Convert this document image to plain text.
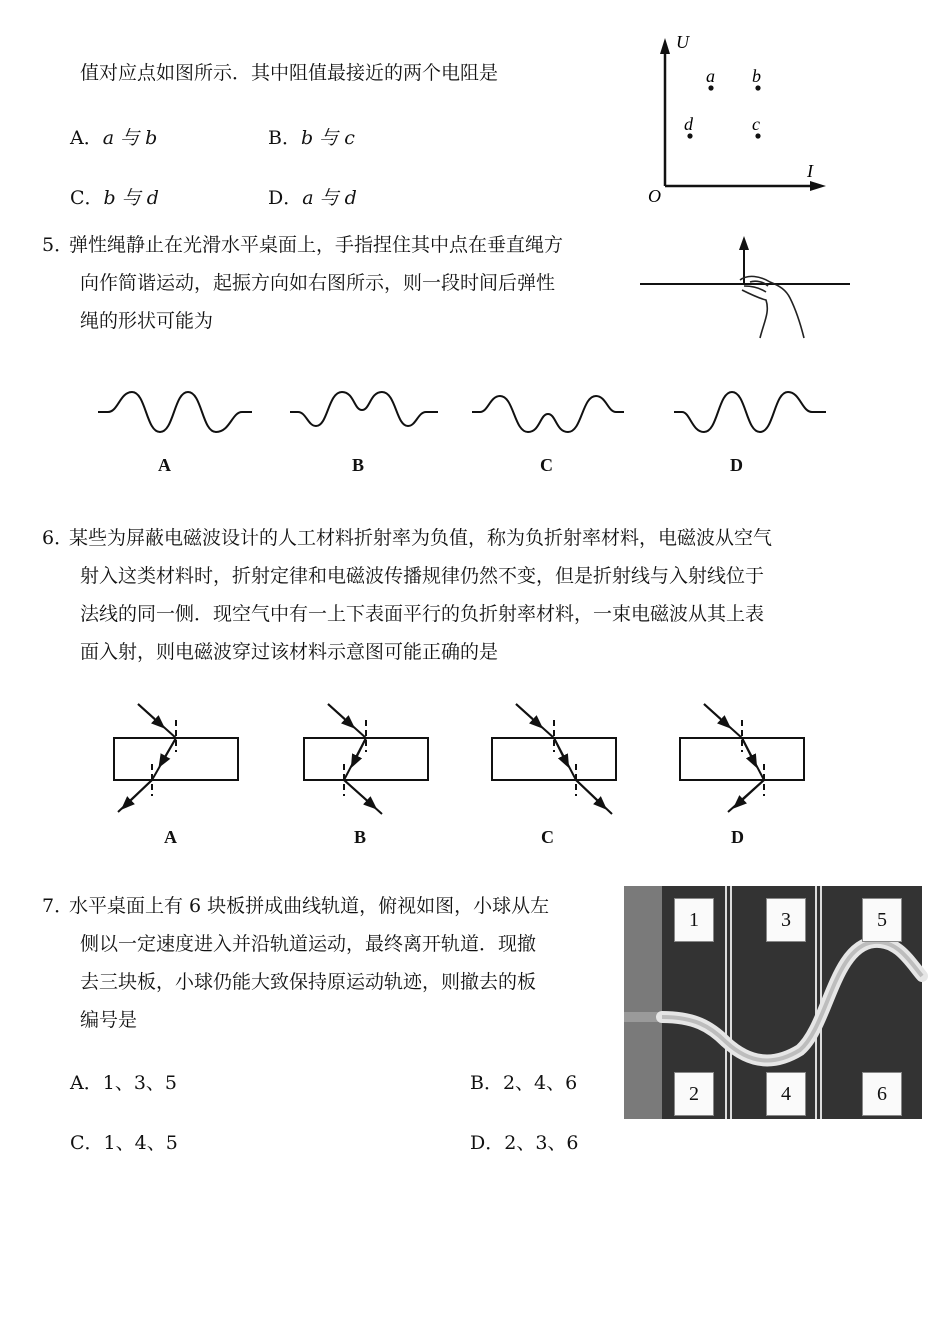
值对应点如图所示．其中阻值最接近的两个电阻是
A．a 与 b	B．b 与 c
C．b 与 d	D．a 与 d
U
O
I
a b
c
d
5．
弹性绳静止在光滑水平桌面上，手指捏住其中点在垂直绳方
向作简谐运动，起振方向如右图所示，则一段时间后弹性
绳的形状可能为
A	B	C	D
6．
某些为屏蔽电磁波设计的人工材料折射率为负值，称为负折射率材料，电磁波从空气
射入这类材料时，折射定律和电磁波传播规律仍然不变，但是折射线与入射线位于
法线的同一侧．现空气中有一上下表面平行的负折射率材料，一束电磁波从其上表
面入射，则电磁波穿过该材料示意图可能正确的是
A	B	C	D
7．
水平桌面上有 6 块板拼成曲线轨道，俯视如图，小球从左
侧以一定速度进入并沿轨道运动，最终离开轨道．现撤
去三块板，小球仍能大致保持原运动轨迹，则撤去的板
编号是
A．1、3、5	B．2、4、6
C．1、4、5	D．2、3、6
1
2
3
4
5
6
